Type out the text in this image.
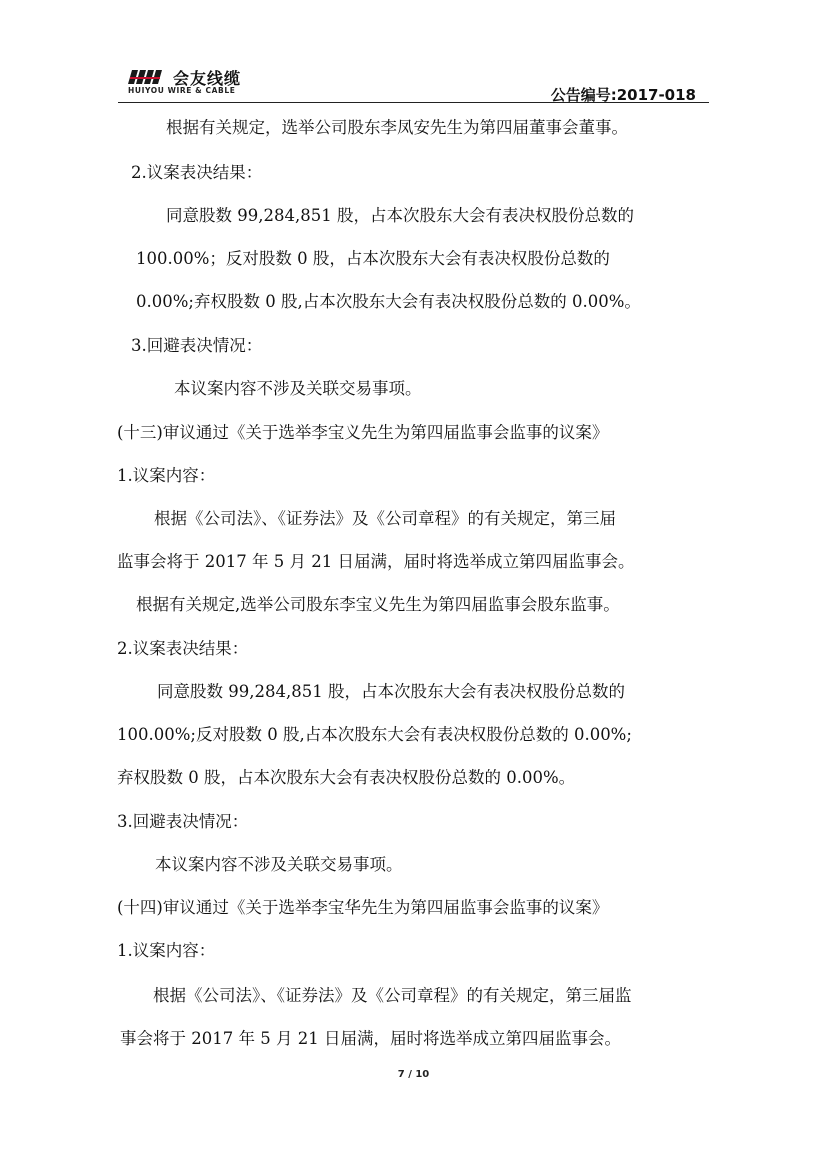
会友线缆
HUIYOU WIRE & CABLE	公告编号:2017-018
根据有关规定，选举公司股东李凤安先生为第四届董事会董事。
2.议案表决结果：
同意股数 99,284,851 股，占本次股东大会有表决权股份总数的
100.00%；反对股数 0 股，占本次股东大会有表决权股份总数的
0.00%;弃权股数 0 股,占本次股东大会有表决权股份总数的 0.00%。
3.回避表决情况：
本议案内容不涉及关联交易事项。
(十三)审议通过《关于选举李宝义先生为第四届监事会监事的议案》
1.议案内容：
根据《公司法》、《证券法》及《公司章程》的有关规定，第三届
监事会将于 2017 年 5 月 21 日届满，届时将选举成立第四届监事会。
根据有关规定,选举公司股东李宝义先生为第四届监事会股东监事。
2.议案表决结果：
同意股数 99,284,851 股，占本次股东大会有表决权股份总数的
100.00%;反对股数 0 股,占本次股东大会有表决权股份总数的 0.00%;
弃权股数 0 股，占本次股东大会有表决权股份总数的 0.00%。
3.回避表决情况：
本议案内容不涉及关联交易事项。
(十四)审议通过《关于选举李宝华先生为第四届监事会监事的议案》
1.议案内容：
根据《公司法》、《证券法》及《公司章程》的有关规定，第三届监
事会将于 2017 年 5 月 21 日届满，届时将选举成立第四届监事会。
7 / 10
